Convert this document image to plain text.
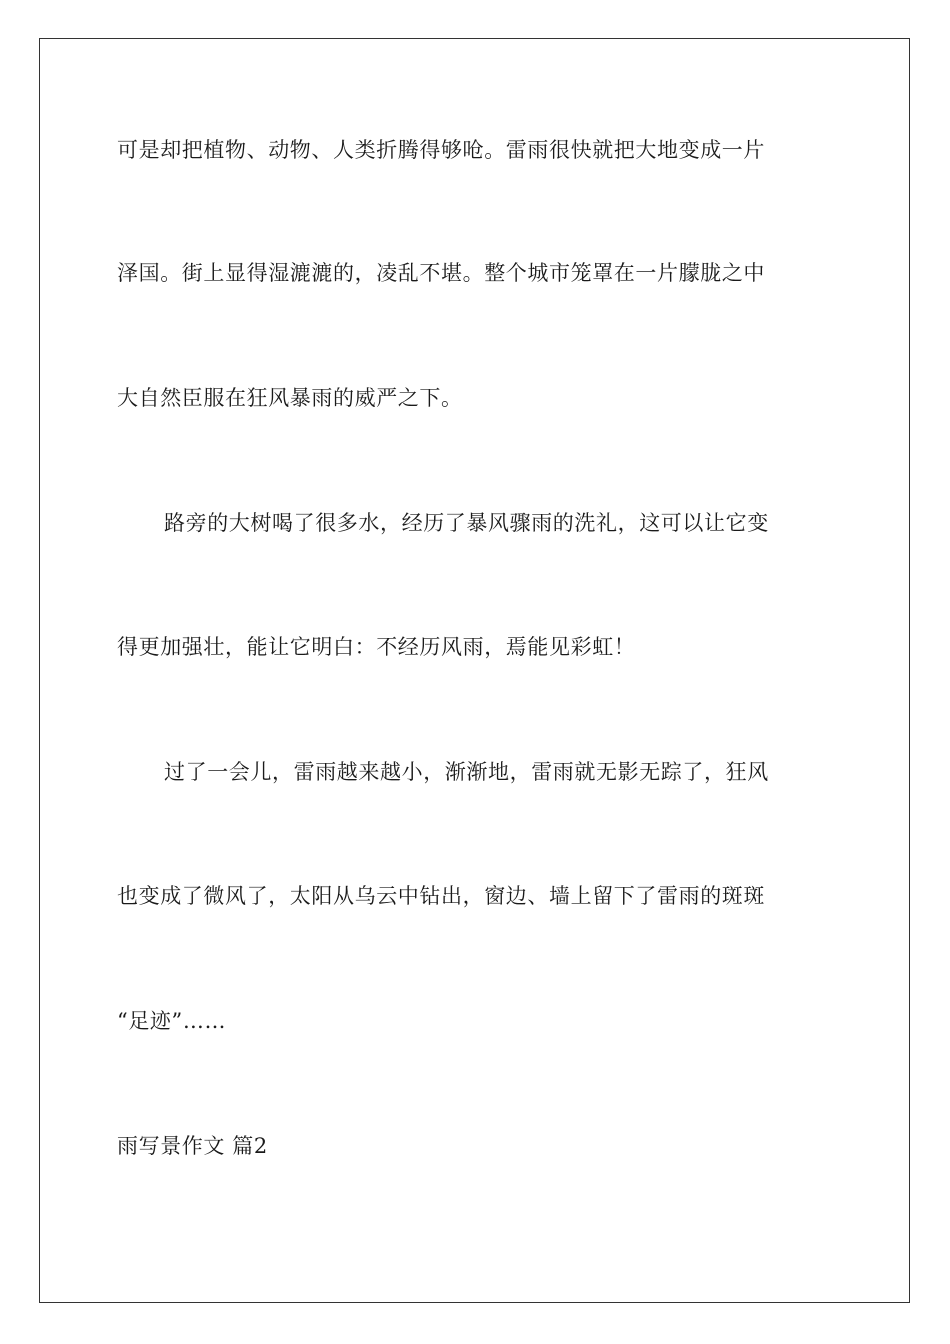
可是却把植物、动物、人类折腾得够呛。雷雨很快就把大地变成一片

泽国。街上显得湿漉漉的，凌乱不堪。整个城市笼罩在一片朦胧之中

大自然臣服在狂风暴雨的威严之下。

路旁的大树喝了很多水，经历了暴风骤雨的洗礼，这可以让它变

得更加强壮，能让它明白：不经历风雨，焉能见彩虹！

过了一会儿，雷雨越来越小，渐渐地，雷雨就无影无踪了，狂风

也变成了微风了，太阳从乌云中钻出，窗边、墙上留下了雷雨的斑斑

“足迹”……

雨写景作文 篇2
